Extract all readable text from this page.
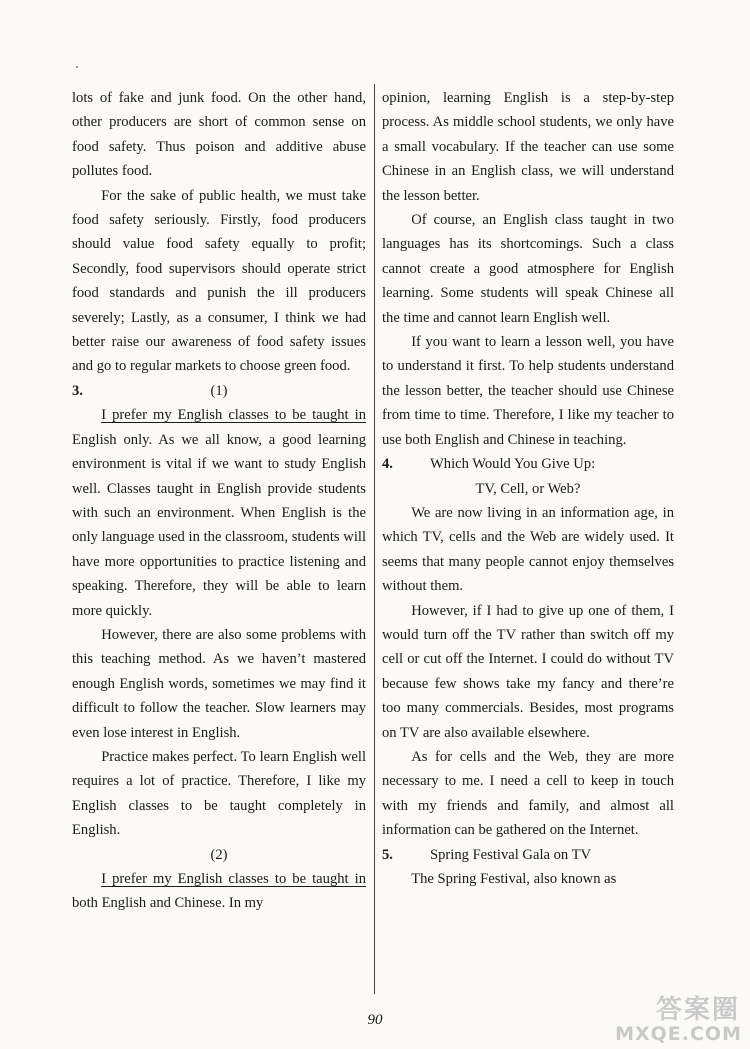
lots of fake and junk food. On the other hand, other producers are short of common sense on food safety. Thus poison and additive abuse pollutes food.

For the sake of public health, we must take food safety seriously. Firstly, food producers should value food safety equally to profit; Secondly, food supervisors should operate strict food standards and punish the ill producers severely; Lastly, as a consumer, I think we had better raise our awareness of food safety issues and go to regular markets to choose green food.

3.	(1)

I prefer my English classes to be taught in English only. As we all know, a good learning environment is vital if we want to study English well. Classes taught in English provide students with such an environment. When English is the only language used in the classroom, students will have more opportunities to practice listening and speaking. Therefore, they will be able to learn more quickly.

However, there are also some problems with this teaching method. As we haven’t mastered enough English words, sometimes we may find it difficult to follow the teacher. Slow learners may even lose interest in English.

Practice makes perfect. To learn English well requires a lot of practice. Therefore, I like my English classes to be taught completely in English.

(2)

I prefer my English classes to be taught in both English and Chinese. In my

opinion, learning English is a step-by-step process. As middle school students, we only have a small vocabulary. If the teacher can use some Chinese in an English class, we will understand the lesson better.

Of course, an English class taught in two languages has its shortcomings. Such a class cannot create a good atmosphere for English learning. Some students will speak Chinese all the time and cannot learn English well.

If you want to learn a lesson well, you have to understand it first. To help students understand the lesson better, the teacher should use Chinese from time to time. Therefore, I like my teacher to use both English and Chinese in teaching.

4.	Which Would You Give Up:

TV, Cell, or Web?

We are now living in an information age, in which TV, cells and the Web are widely used. It seems that many people cannot enjoy themselves without them.

However, if I had to give up one of them, I would turn off the TV rather than switch off my cell or cut off the Internet. I could do without TV because few shows take my fancy and there’re too many commercials. Besides, most programs on TV are also available elsewhere.

As for cells and the Web, they are more necessary to me. I need a cell to keep in touch with my friends and family, and almost all information can be gathered on the Internet.

5.	Spring Festival Gala on TV

The Spring Festival, also known as

90	答案圈
MXQE.COM
